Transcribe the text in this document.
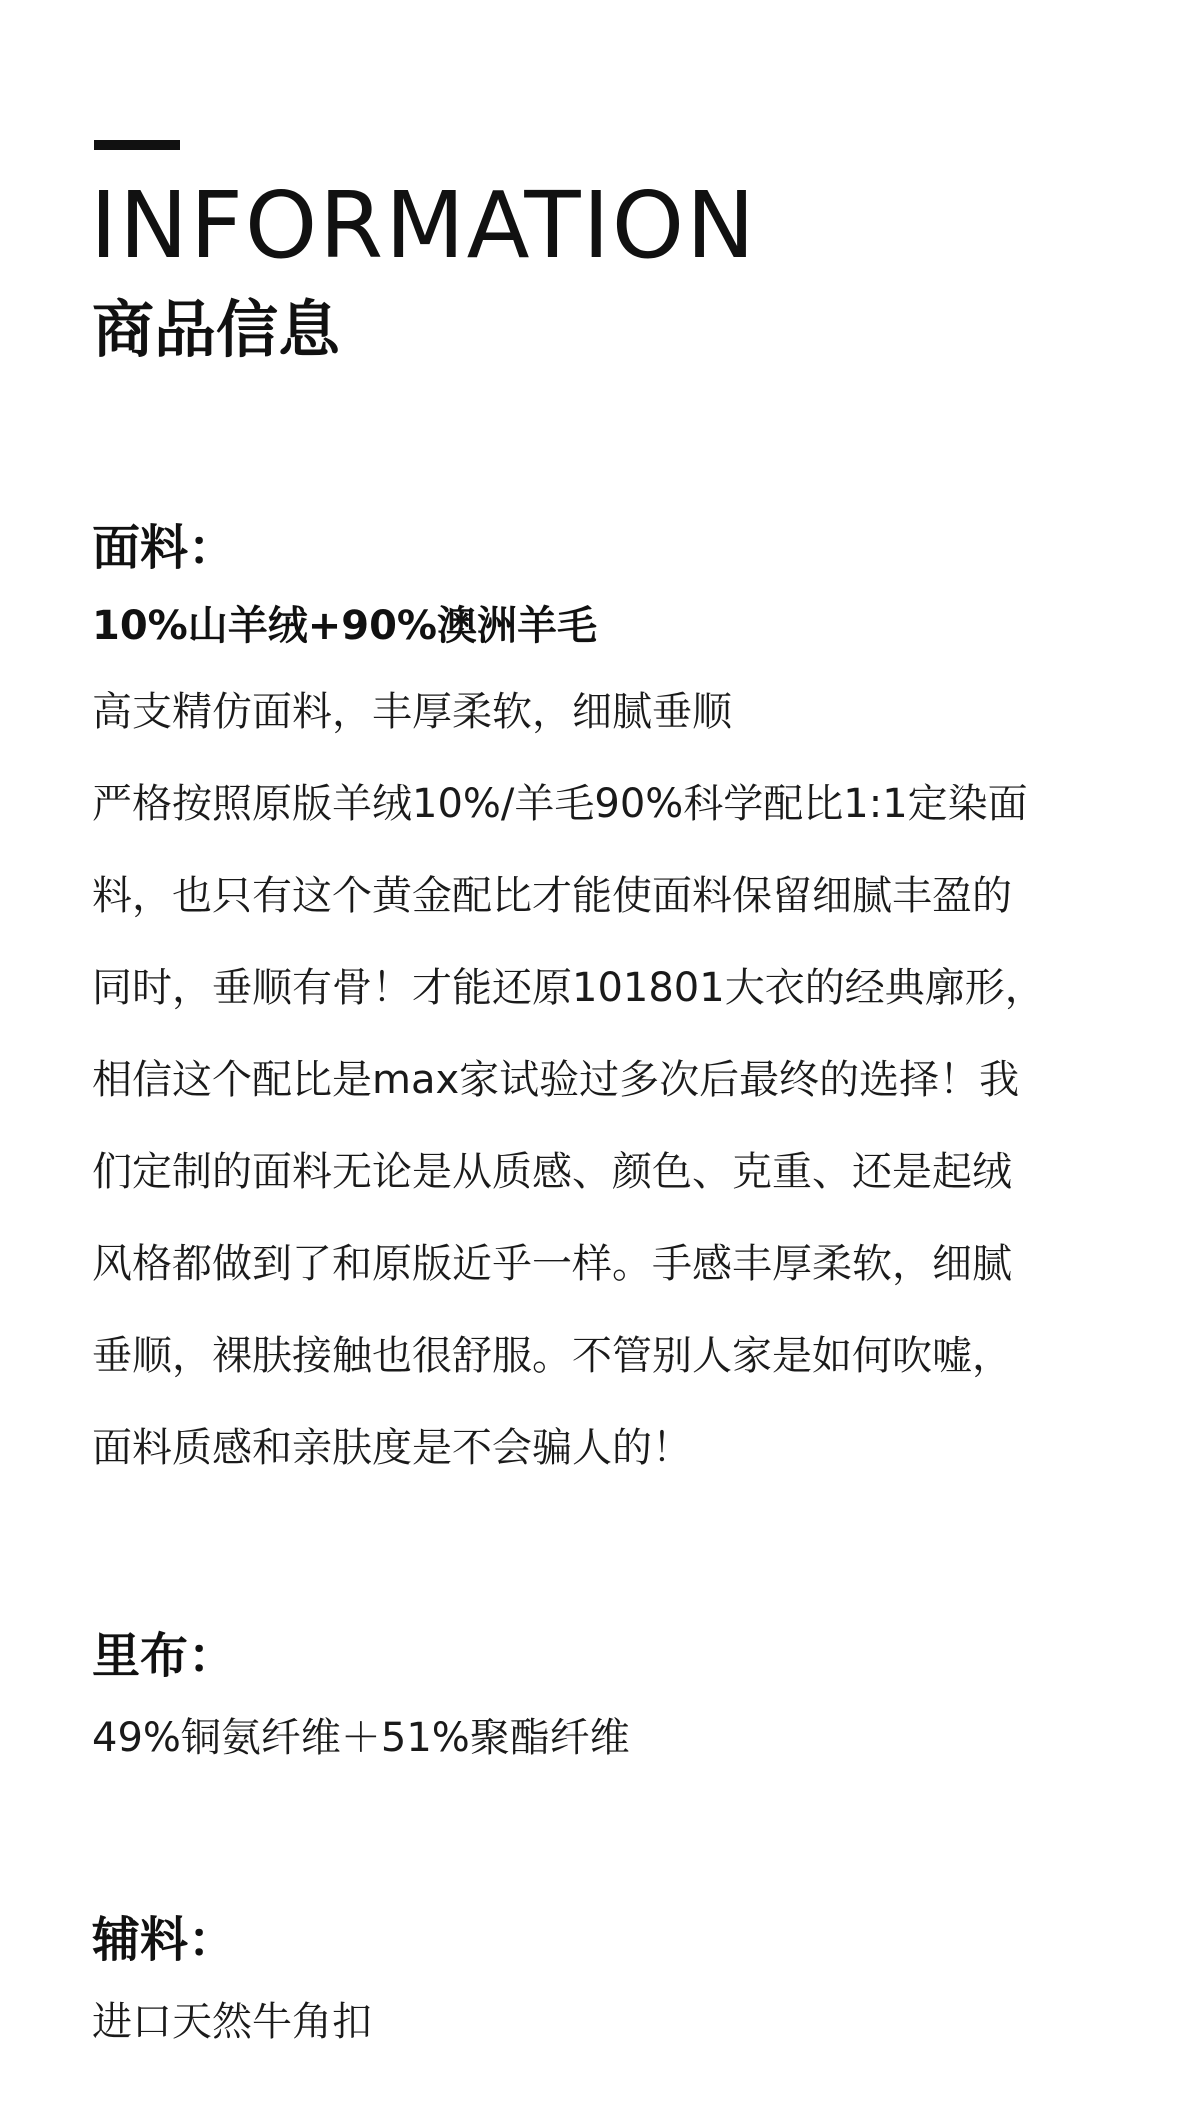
INFORMATION
商品信息
面料：

10%山羊绒+90%澳洲羊毛

高支精仿面料，丰厚柔软，细腻垂顺

严格按照原版羊绒10%/羊毛90%科学配比1:1定染面

料，也只有这个黄金配比才能使面料保留细腻丰盈的

同时，垂顺有骨！才能还原101801大衣的经典廓形，

相信这个配比是max家试验过多次后最终的选择！我

们定制的面料无论是从质感、颜色、克重、还是起绒

风格都做到了和原版近乎一样。手感丰厚柔软，细腻

垂顺，裸肤接触也很舒服。不管别人家是如何吹嘘，

面料质感和亲肤度是不会骗人的！

里布：

49%铜氨纤维＋51%聚酯纤维

辅料：

进口天然牛角扣
